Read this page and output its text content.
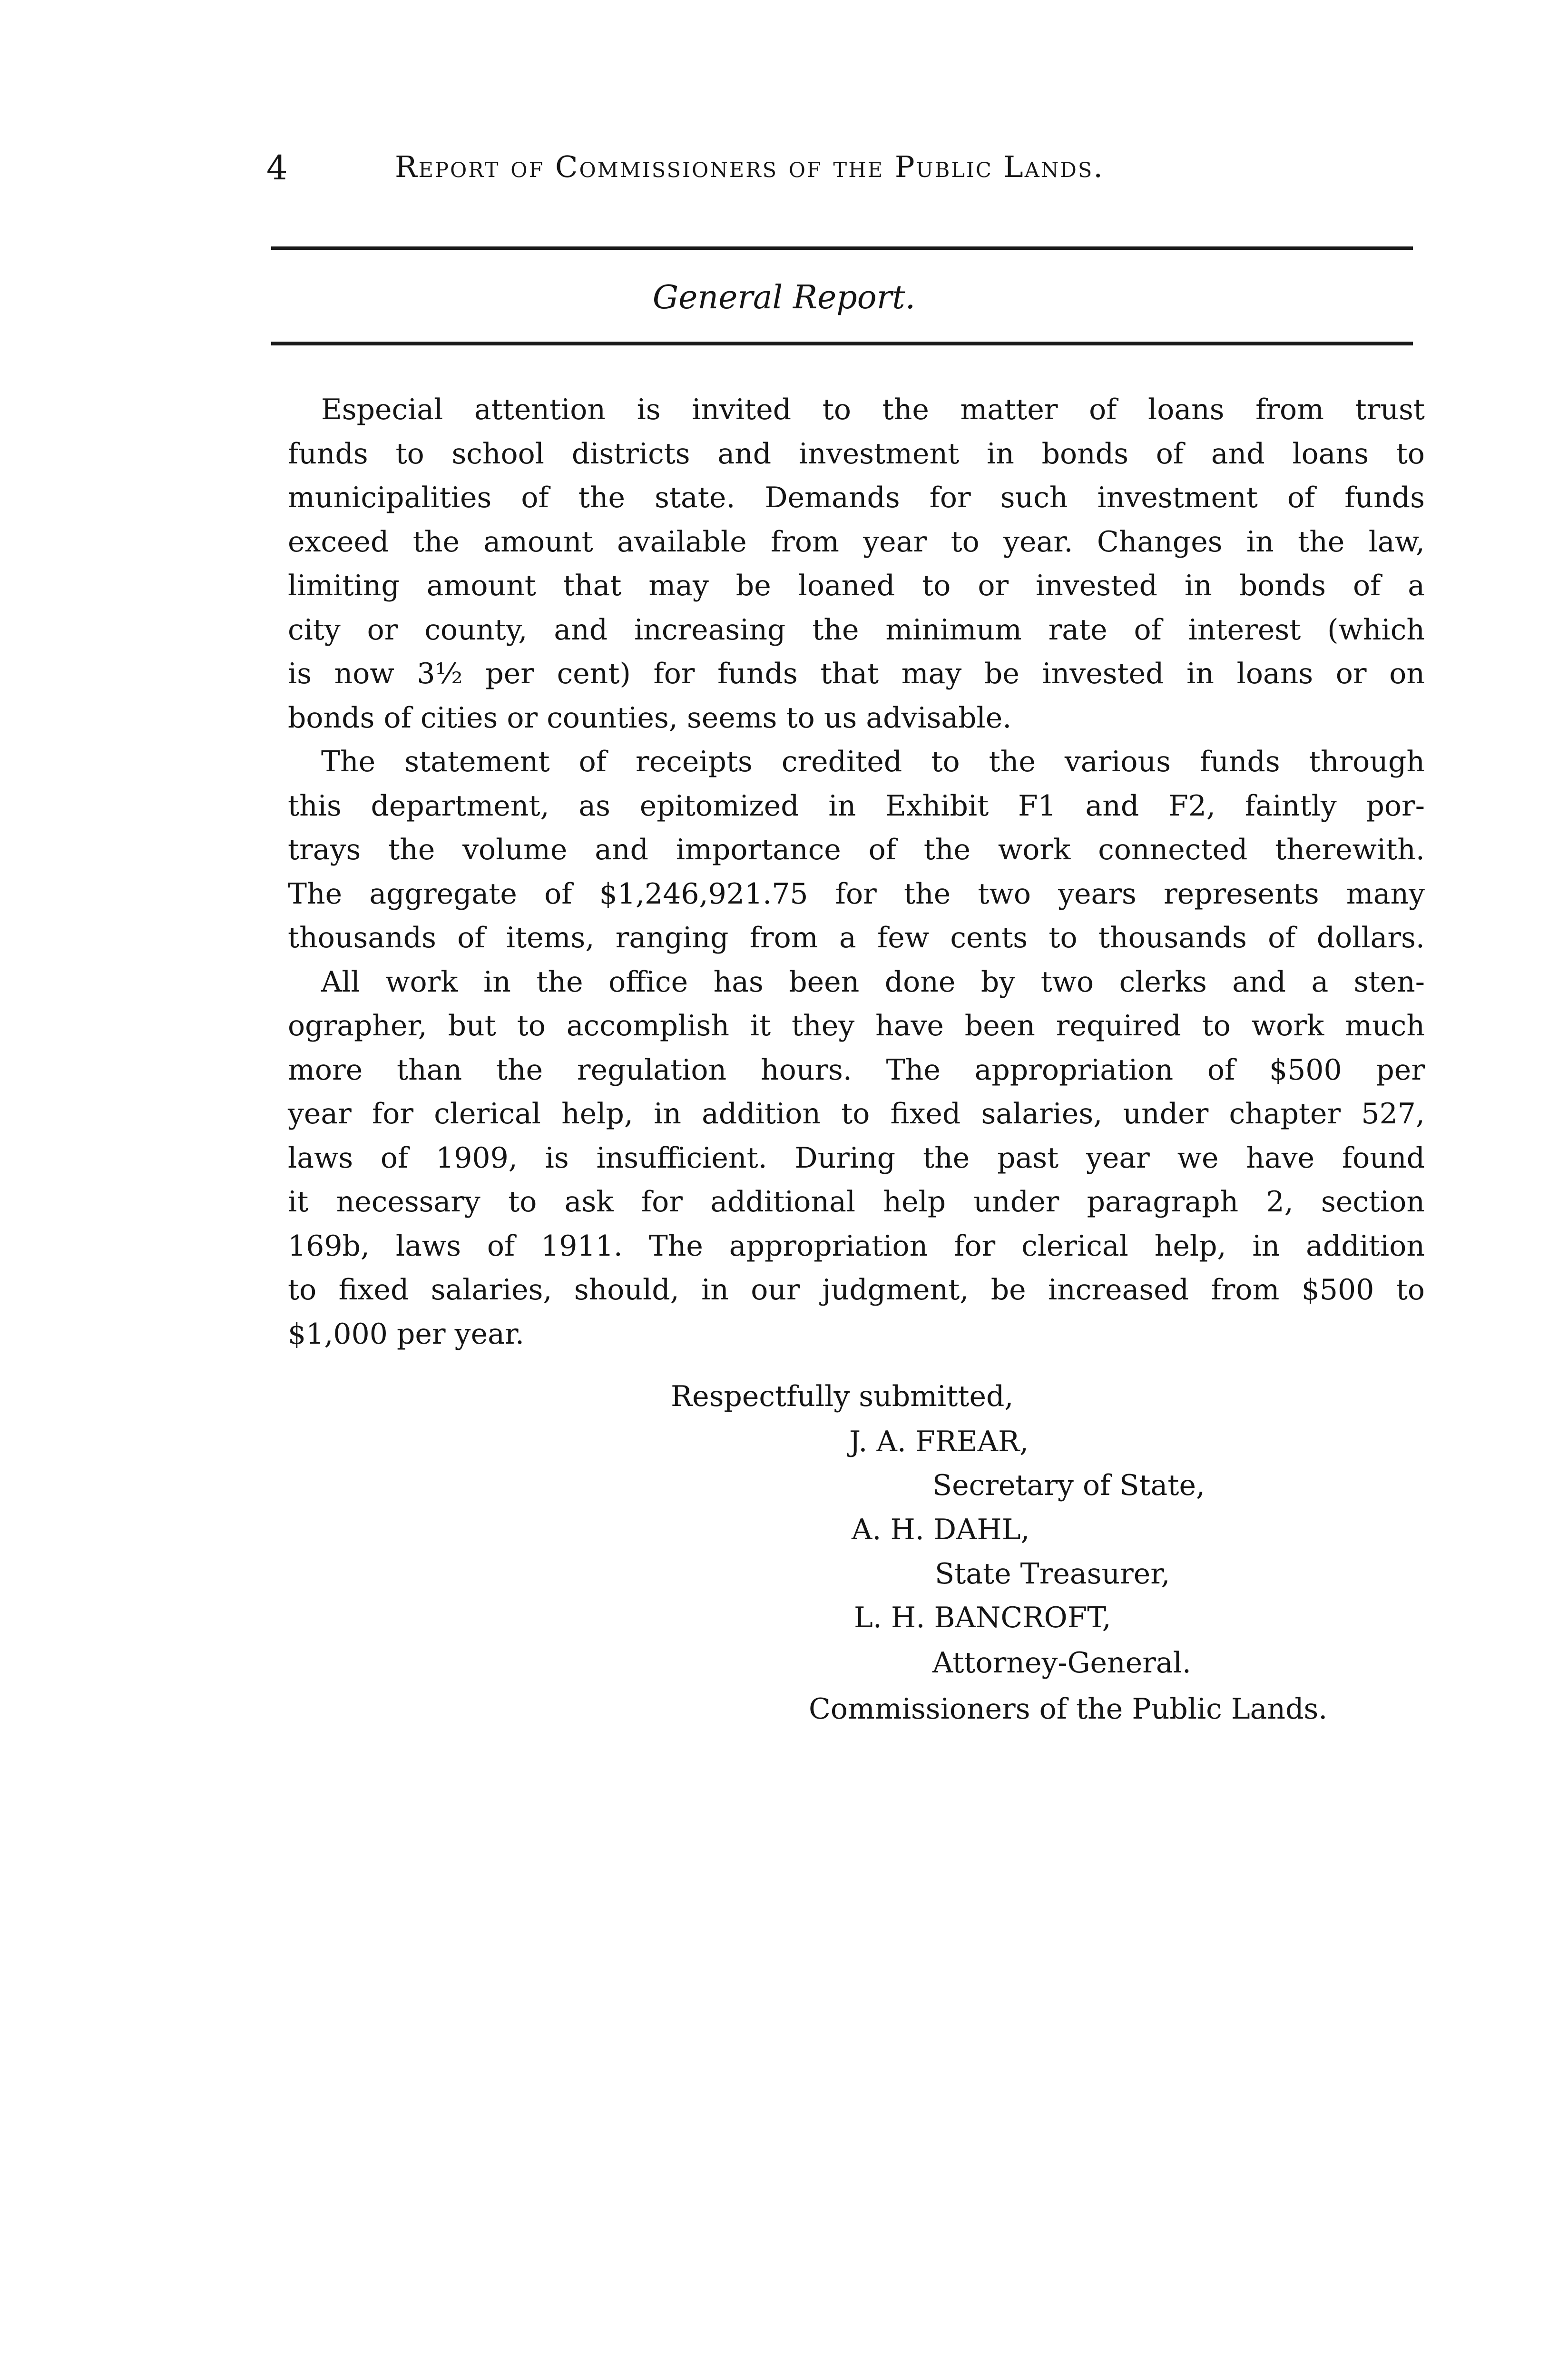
4	Report of Commissioners of the Public Lands.
General Report.
Especial attention is invited to the matter of loans from trust
funds to school districts and investment in bonds of and loans to
municipalities of the state. Demands for such investment of funds
exceed the amount available from year to year. Changes in the law,
limiting amount that may be loaned to or invested in bonds of a
city or county, and increasing the minimum rate of interest (which
is now 3½ per cent) for funds that may be invested in loans or on
bonds of cities or counties, seems to us advisable.
The statement of receipts credited to the various funds through
this department, as epitomized in Exhibit F1 and F2, faintly por-
trays the volume and importance of the work connected therewith.
The aggregate of $1,246,921.75 for the two years represents many
thousands of items, ranging from a few cents to thousands of dollars.
All work in the office has been done by two clerks and a sten-
ographer, but to accomplish it they have been required to work much
more than the regulation hours. The appropriation of $500 per
year for clerical help, in addition to fixed salaries, under chapter 527,
laws of 1909, is insufficient. During the past year we have found
it necessary to ask for additional help under paragraph 2, section
169b, laws of 1911. The appropriation for clerical help, in addition
to fixed salaries, should, in our judgment, be increased from $500 to
$1,000 per year.
Respectfully submitted,
J. A. FREAR,
Secretary of State,
A. H. DAHL,
State Treasurer,
L. H. BANCROFT,
Attorney-General.
Commissioners of the Public Lands.
